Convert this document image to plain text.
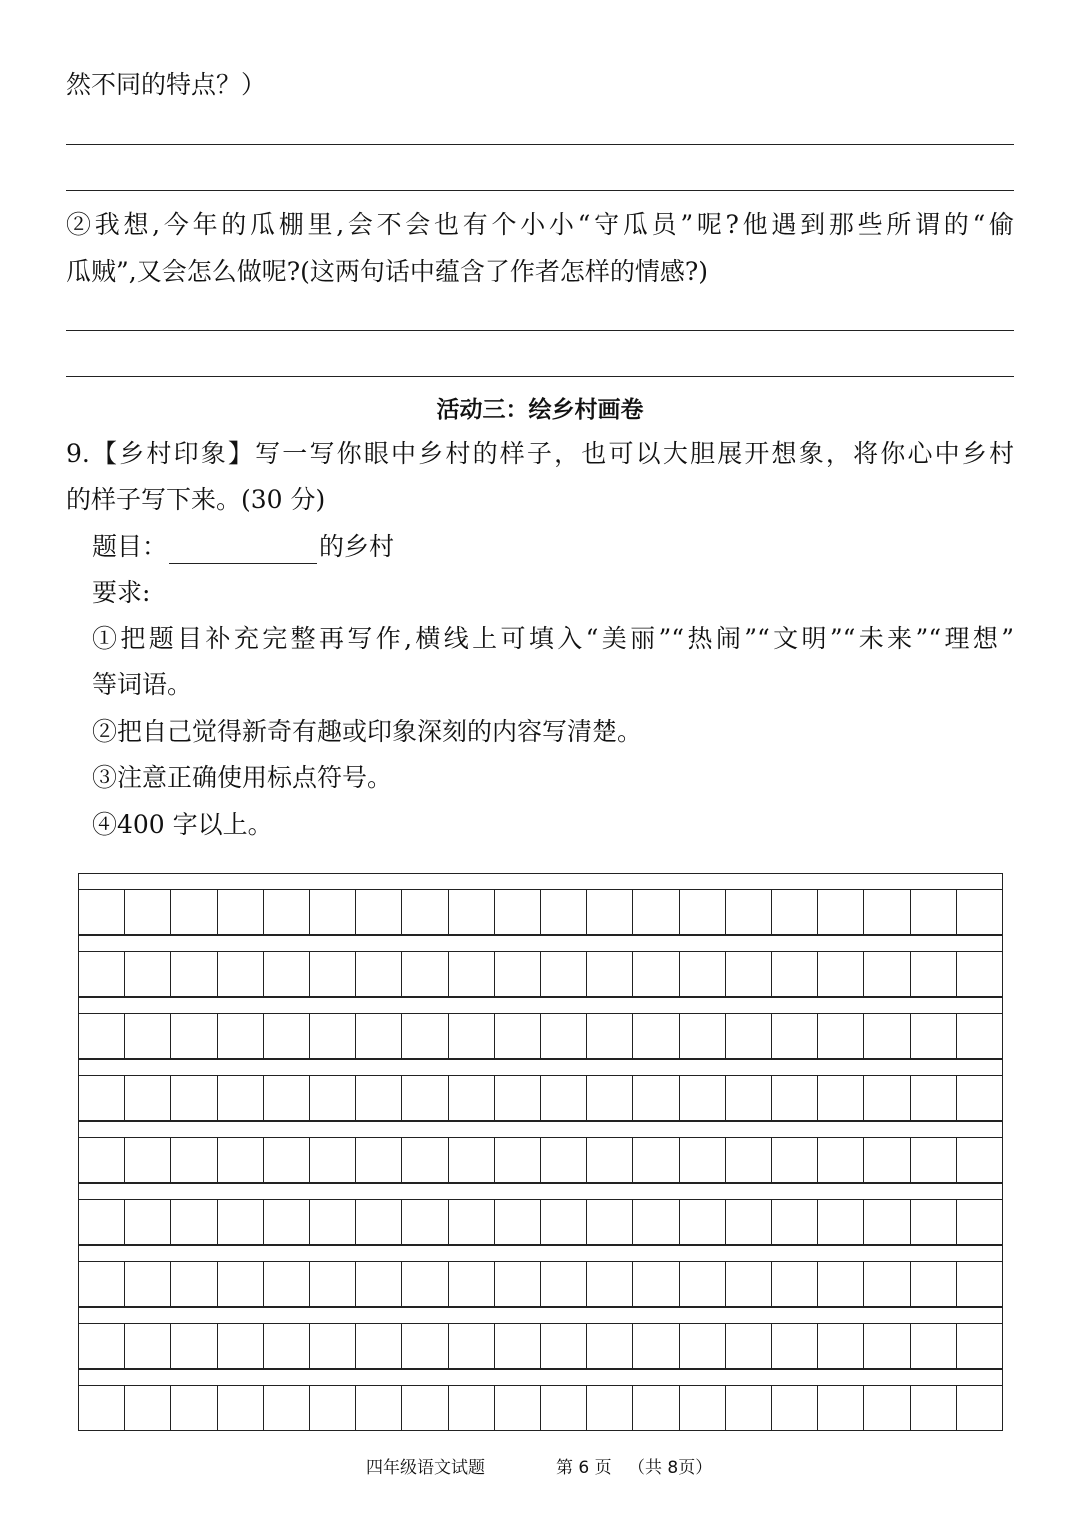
然不同的特点？）
②我想,今年的瓜棚里,会不会也有个小小“守瓜员”呢?他遇到那些所谓的“偷
瓜贼”,又会怎么做呢?(这两句话中蕴含了作者怎样的情感?)
活动三：绘乡村画卷
9.【乡村印象】写一写你眼中乡村的样子，也可以大胆展开想象，将你心中乡村
的样子写下来。(30 分)
题目：	的乡村
要求:
①把题目补充完整再写作,横线上可填入“美丽”“热闹”“文明”“未来”“理想”
等词语。
②把自己觉得新奇有趣或印象深刻的内容写清楚。
③注意正确使用标点符号。
④400 字以上。
四年级语文试题	第 6 页 （共 8页）
